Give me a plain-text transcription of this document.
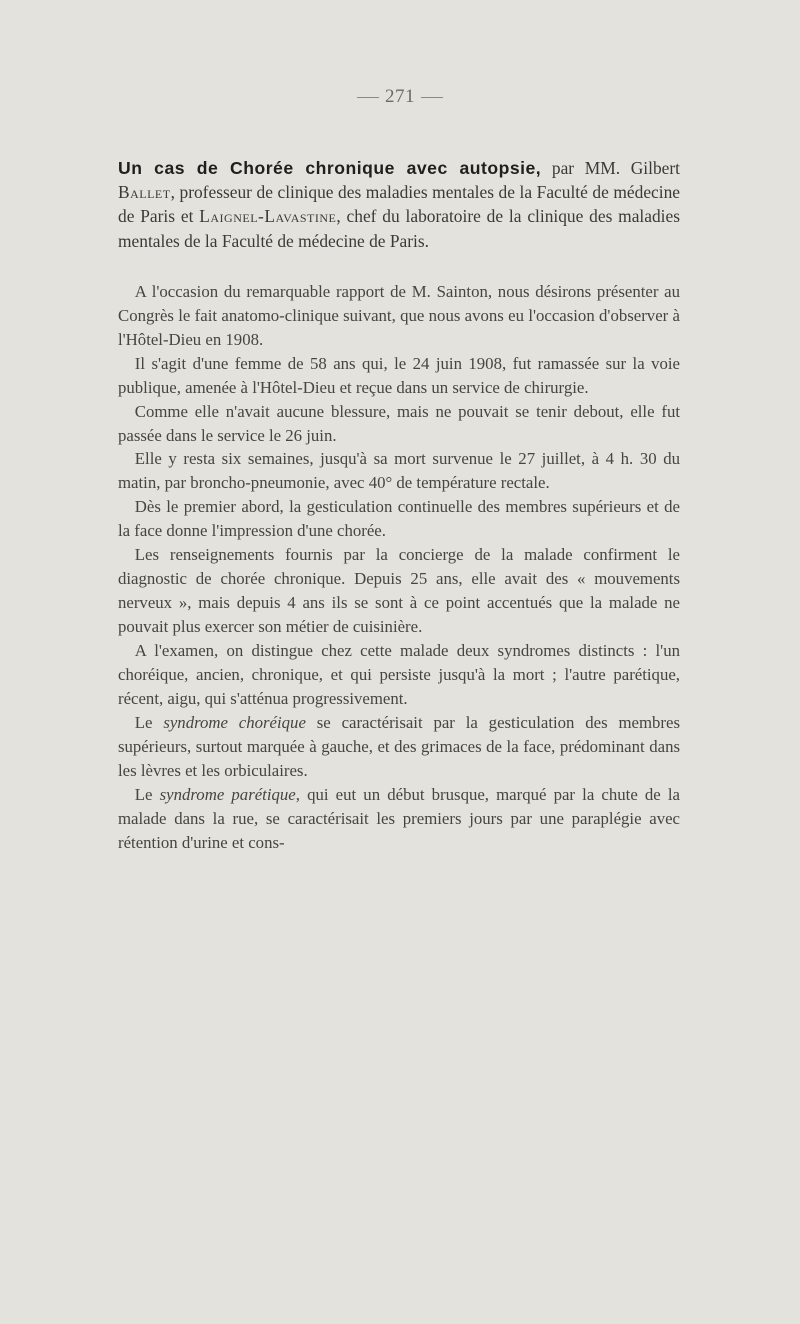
271

Un cas de Chorée chronique avec autopsie, par MM. Gilbert Ballet, professeur de clinique des maladies mentales de la Faculté de médecine de Paris et Laignel-Lavastine, chef du laboratoire de la clinique des maladies mentales de la Faculté de médecine de Paris.

 A l'occasion du remarquable rapport de M. Sainton, nous désirons présenter au Congrès le fait anatomo-clinique suivant, que nous avons eu l'occasion d'observer à l'Hôtel-Dieu en 1908.

 Il s'agit d'une femme de 58 ans qui, le 24 juin 1908, fut ramassée sur la voie publique, amenée à l'Hôtel-Dieu et reçue dans un service de chirurgie.

 Comme elle n'avait aucune blessure, mais ne pouvait se tenir debout, elle fut passée dans le service le 26 juin.

 Elle y resta six semaines, jusqu'à sa mort survenue le 27 juillet, à 4 h. 30 du matin, par broncho-pneumonie, avec 40° de température rectale.

 Dès le premier abord, la gesticulation continuelle des membres supérieurs et de la face donne l'impression d'une chorée.

 Les renseignements fournis par la concierge de la malade confirment le diagnostic de chorée chronique. Depuis 25 ans, elle avait des « mouvements nerveux », mais depuis 4 ans ils se sont à ce point accentués que la malade ne pouvait plus exercer son métier de cuisinière.

 A l'examen, on distingue chez cette malade deux syndromes distincts : l'un choréique, ancien, chronique, et qui persiste jusqu'à la mort ; l'autre parétique, récent, aigu, qui s'atténua progressivement.

 Le syndrome choréique se caractérisait par la gesticulation des membres supérieurs, surtout marquée à gauche, et des grimaces de la face, prédominant dans les lèvres et les orbiculaires.

 Le syndrome parétique, qui eut un début brusque, marqué par la chute de la malade dans la rue, se caractérisait les premiers jours par une paraplégie avec rétention d'urine et cons-
